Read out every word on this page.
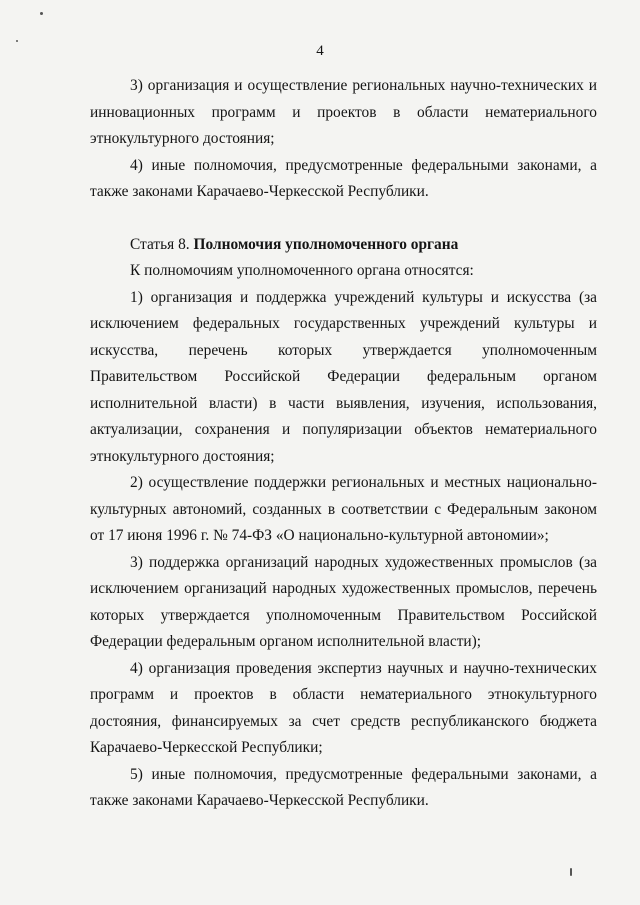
4

3) организация и осуществление региональных научно-технических и инновационных программ и проектов в области нематериального этнокультурного достояния;

4) иные полномочия, предусмотренные федеральными законами, а также законами Карачаево-Черкесской Республики.

Статья 8. Полномочия уполномоченного органа

К полномочиям уполномоченного органа относятся:

1) организация и поддержка учреждений культуры и искусства (за исключением федеральных государственных учреждений культуры и искусства, перечень которых утверждается уполномоченным Правительством Российской Федерации федеральным органом исполнительной власти) в части выявления, изучения, использования, актуализации, сохранения и популяризации объектов нематериального этнокультурного достояния;

2) осуществление поддержки региональных и местных национально-культурных автономий, созданных в соответствии с Федеральным законом от 17 июня 1996 г. № 74-ФЗ «О национально-культурной автономии»;

3) поддержка организаций народных художественных промыслов (за исключением организаций народных художественных промыслов, перечень которых утверждается уполномоченным Правительством Российской Федерации федеральным органом исполнительной власти);

4) организация проведения экспертиз научных и научно-технических программ и проектов в области нематериального этнокультурного достояния, финансируемых за счет средств республиканского бюджета Карачаево-Черкесской Республики;

5) иные полномочия, предусмотренные федеральными законами, а также законами Карачаево-Черкесской Республики.
